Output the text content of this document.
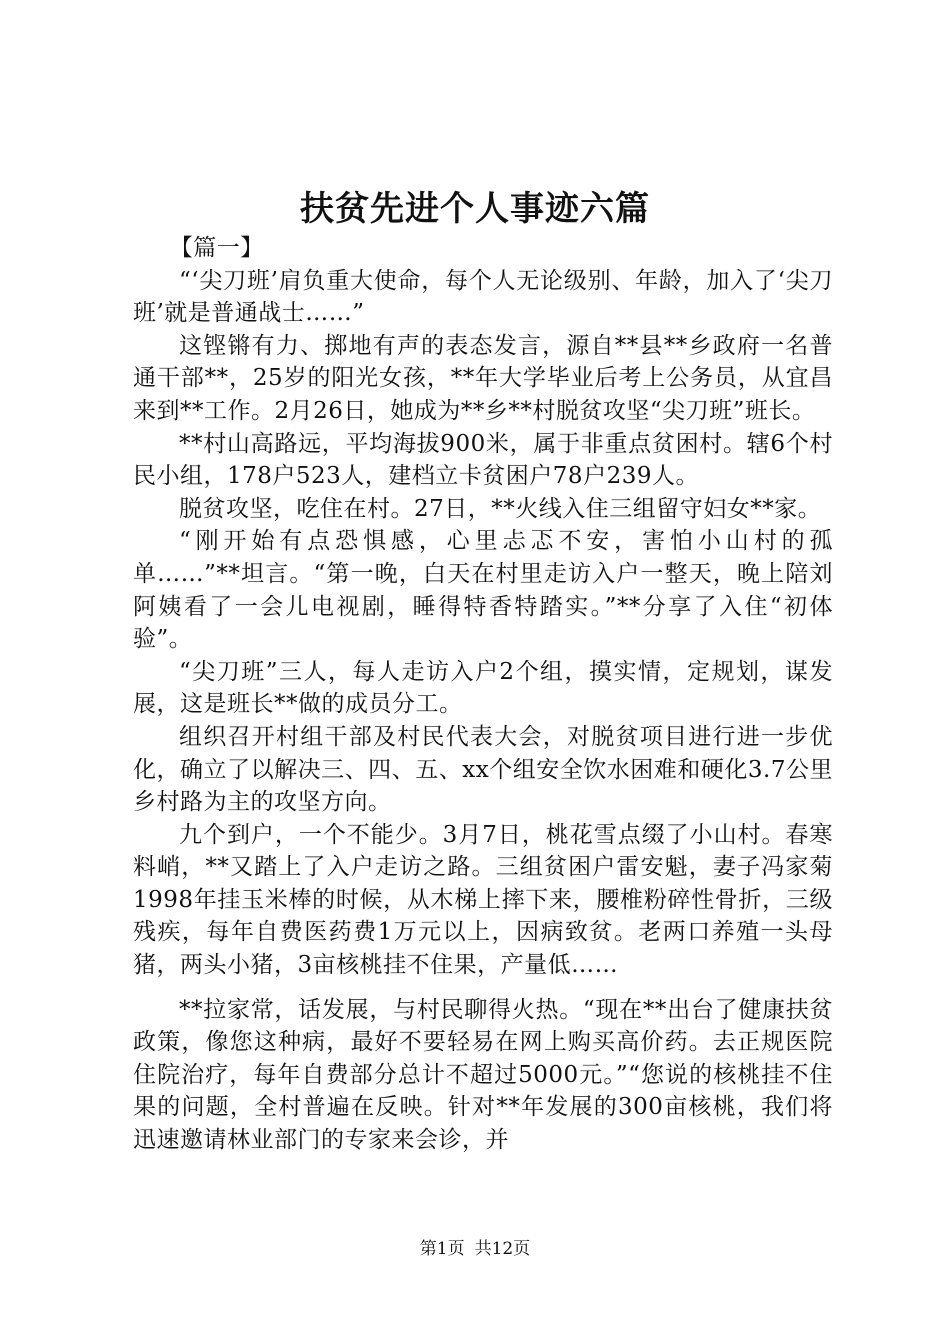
扶贫先进个人事迹六篇

【篇一】

“‘尖刀班’肩负重大使命，每个人无论级别、年龄，加入了‘尖刀班’就是普通战士……”

这铿锵有力、掷地有声的表态发言，源自**县**乡政府一名普通干部**，25岁的阳光女孩，**年大学毕业后考上公务员，从宜昌来到**工作。2月26日，她成为**乡**村脱贫攻坚“尖刀班”班长。

**村山高路远，平均海拔900米，属于非重点贫困村。辖6个村民小组，178户523人，建档立卡贫困户78户239人。

脱贫攻坚，吃住在村。27日，**火线入住三组留守妇女**家。

“刚开始有点恐惧感，心里忐忑不安，害怕小山村的孤单……”**坦言。“第一晚，白天在村里走访入户一整天，晚上陪刘阿姨看了一会儿电视剧，睡得特香特踏实。”**分享了入住“初体验”。

“尖刀班”三人，每人走访入户2个组，摸实情，定规划，谋发展，这是班长**做的成员分工。

组织召开村组干部及村民代表大会，对脱贫项目进行进一步优化，确立了以解决三、四、五、xx个组安全饮水困难和硬化3.7公里乡村路为主的攻坚方向。

九个到户，一个不能少。3月7日，桃花雪点缀了小山村。春寒料峭，**又踏上了入户走访之路。三组贫困户雷安魁，妻子冯家菊1998年挂玉米棒的时候，从木梯上摔下来，腰椎粉碎性骨折，三级残疾，每年自费医药费1万元以上，因病致贫。老两口养殖一头母猪，两头小猪，3亩核桃挂不住果，产量低……

**拉家常，话发展，与村民聊得火热。“现在**出台了健康扶贫政策，像您这种病，最好不要轻易在网上购买高价药。去正规医院住院治疗，每年自费部分总计不超过5000元。”“您说的核桃挂不住果的问题，全村普遍在反映。针对**年发展的300亩核桃，我们将迅速邀请林业部门的专家来会诊，并

第1页 共12页
